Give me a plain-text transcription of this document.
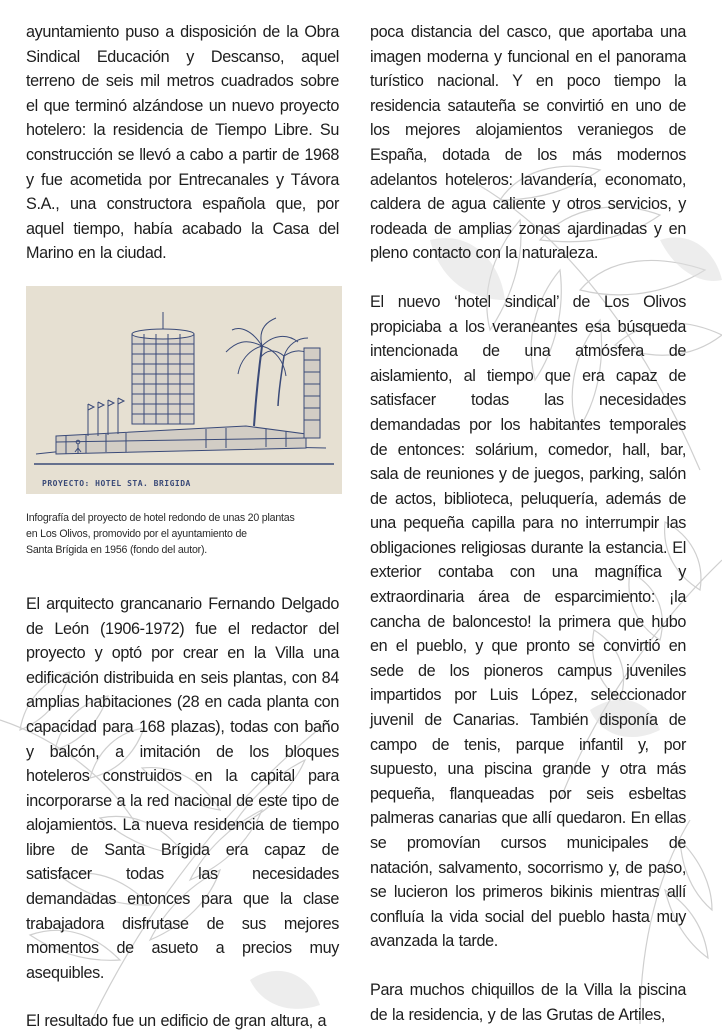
ayuntamiento puso a disposición de la Obra Sindical Educación y Descanso, aquel terreno de seis mil metros cuadrados sobre el que terminó alzándose un nuevo proyecto hotelero: la residencia de Tiempo Libre. Su construcción se llevó a cabo a partir de 1968 y fue acometida por Entrecanales y Távora S.A., una constructora española que, por aquel tiempo, había acabado la Casa del Marino en la ciudad.

El arquitecto grancanario Fernando Delgado de León (1906-1972) fue el redactor del proyecto y optó por crear en la Villa una edificación distribuida en seis plantas, con 84 amplias habitaciones (28 en cada planta con capacidad para 168 plazas), todas con baño y balcón, a imitación de los bloques hoteleros construidos en la capital para incorporarse a la red nacional de este tipo de alojamientos. La nueva residencia de tiempo libre de Santa Brígida era capaz de satisfacer todas las necesidades demandadas entonces para que la clase trabajadora disfrutase de sus mejores momentos de asueto a precios muy asequibles.

El resultado fue un edificio de gran altura, a

PROYECTO: HOTEL STA. BRIGIDA
Infografía del proyecto de hotel redondo de unas 20 plantas
en Los Olivos, promovido por el ayuntamiento de
Santa Brígida en 1956 (fondo del autor).

poca distancia del casco, que aportaba una imagen moderna y funcional en el panorama turístico nacional. Y en poco tiempo la residencia satauteña se convirtió en uno de los mejores alojamientos veraniegos de España, dotada de los más modernos adelantos hoteleros: lavandería, economato, caldera de agua caliente y otros servicios, y rodeada de amplias zonas ajardinadas y en pleno contacto con la naturaleza.

El nuevo ‘hotel sindical’ de Los Olivos propiciaba a los veraneantes esa búsqueda intencionada de una atmósfera de aislamiento, al tiempo que era capaz de satisfacer todas las necesidades demandadas por los habitantes temporales de entonces: solárium, comedor, hall, bar, sala de reuniones y de juegos, parking, salón de actos, biblioteca, peluquería, además de una pequeña capilla para no interrumpir las obligaciones religiosas durante la estancia. El exterior contaba con una magnífica y extraordinaria área de esparcimiento: ¡la cancha de baloncesto! la primera que hubo en el pueblo, y que pronto se convirtió en sede de los pioneros campus juveniles impartidos por Luis López, seleccionador juvenil de Canarias. También disponía de campo de tenis, parque infantil y, por supuesto, una piscina grande y otra más pequeña, flanqueadas por seis esbeltas palmeras canarias que allí quedaron. En ellas se promovían cursos municipales de natación, salvamento, socorrismo y, de paso, se lucieron los primeros bikinis mientras allí confluía la vida social del pueblo hasta muy avanzada la tarde.

Para muchos chiquillos de la Villa la piscina de la residencia, y de las Grutas de Artiles,
